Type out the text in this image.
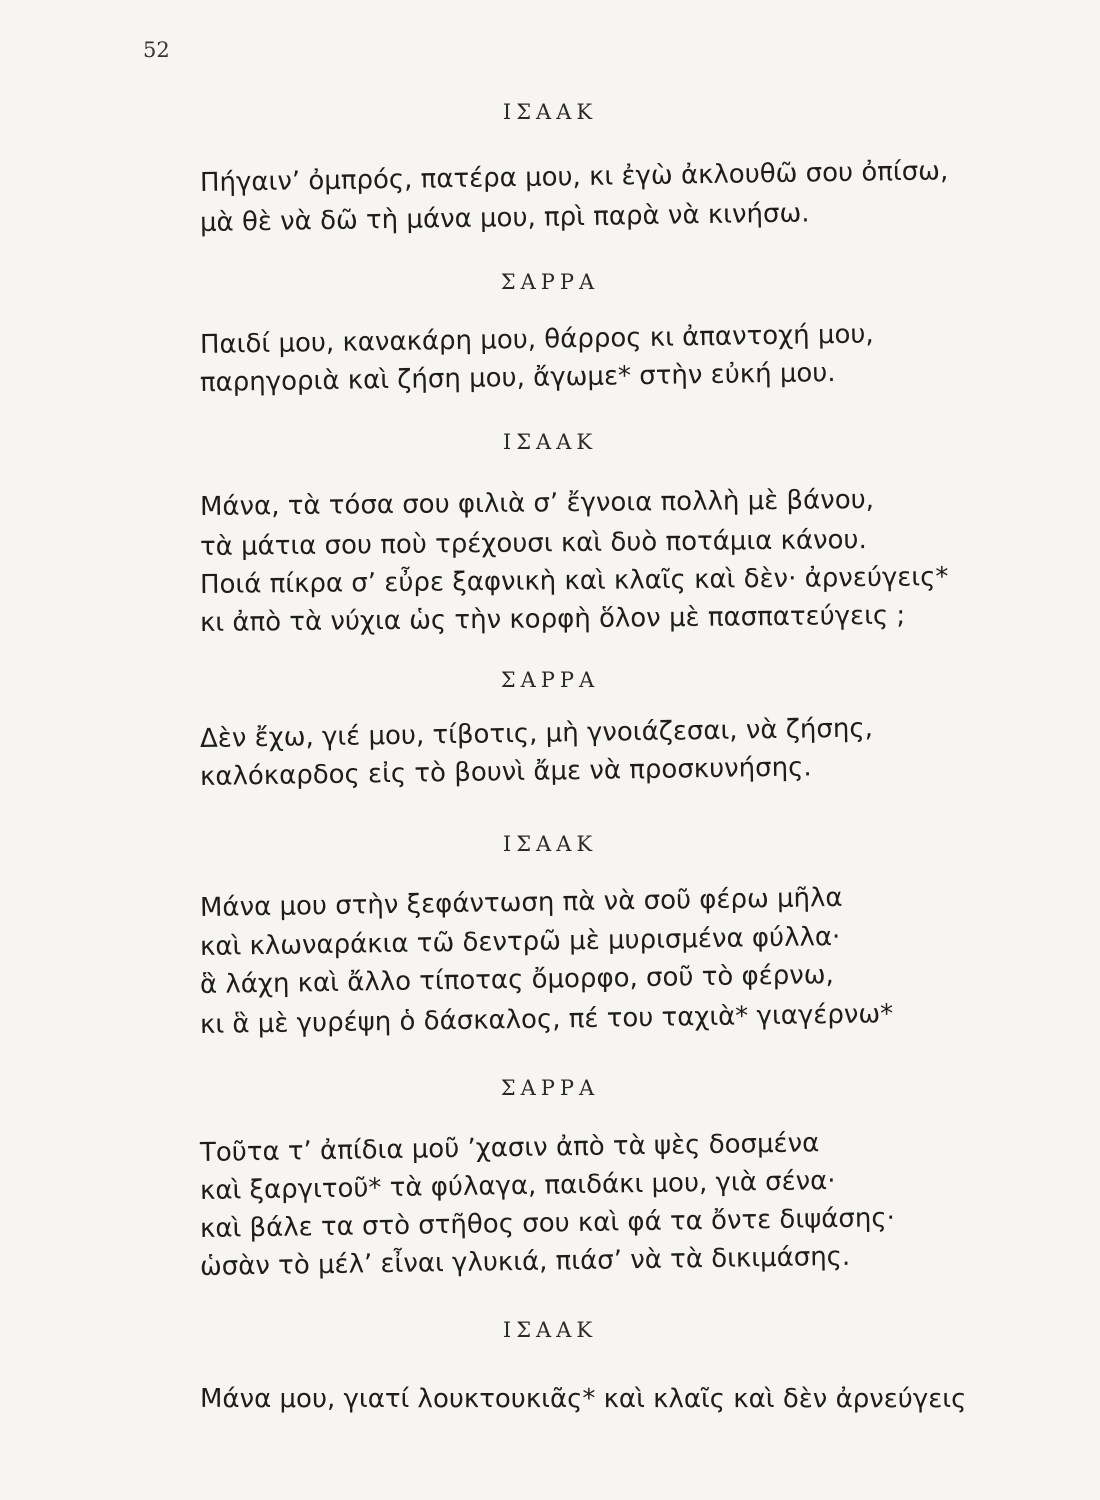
52
ΙΣΑΑΚ
Πήγαιν’ ὀμπρός, πατέρα μου, κι ἐγὼ ἀκλουθῶ σου ὀπίσω,
μὰ θὲ νὰ δῶ τὴ μάνα μου, πρὶ παρὰ νὰ κινήσω.
ΣΑΡΡΑ
Παιδί μου, κανακάρη μου, θάρρος κι ἀπαντοχή μου,
παρηγοριὰ καὶ ζήση μου, ἄγωμε* στὴν εὐκή μου.
ΙΣΑΑΚ
Μάνα, τὰ τόσα σου φιλιὰ σ’ ἔγνοια πολλὴ μὲ βάνου,
τὰ μάτια σου ποὺ τρέχουσι καὶ δυὸ ποτάμια κάνου.
Ποιά πίκρα σ’ εὖρε ξαφνικὴ καὶ κλαῖς καὶ δὲν· ἀρνεύγεις*
κι ἀπὸ τὰ νύχια ὡς τὴν κορφὴ ὅλον μὲ πασπατεύγεις ;
ΣΑΡΡΑ
Δὲν ἔχω, γιέ μου, τίβοτις, μὴ γνοιάζεσαι, νὰ ζήσης,
καλόκαρδος εἰς τὸ βουνὶ ἄμε νὰ προσκυνήσης.
ΙΣΑΑΚ
Μάνα μου στὴν ξεφάντωση πὰ νὰ σοῦ φέρω μῆλα
καὶ κλωναράκια τῶ δεντρῶ μὲ μυρισμένα φύλλα·
ἃ λάχη καὶ ἄλλο τίποτας ὄμορφο, σοῦ τὸ φέρνω,
κι ἃ μὲ γυρέψη ὁ δάσκαλος, πέ του ταχιὰ* γιαγέρνω*
ΣΑΡΡΑ
Τοῦτα τ’ ἀπίδια μοῦ ’χασιν ἀπὸ τὰ ψὲς δοσμένα
καὶ ξαργιτοῦ* τὰ φύλαγα, παιδάκι μου, γιὰ σένα·
καὶ βάλε τα στὸ στῆθος σου καὶ φά τα ὄντε διψάσης·
ὡσὰν τὸ μέλ’ εἶναι γλυκιά, πιάσ’ νὰ τὰ δικιμάσης.
ΙΣΑΑΚ
Μάνα μου, γιατί λουκτουκιᾶς* καὶ κλαῖς καὶ δὲν ἀρνεύγεις
